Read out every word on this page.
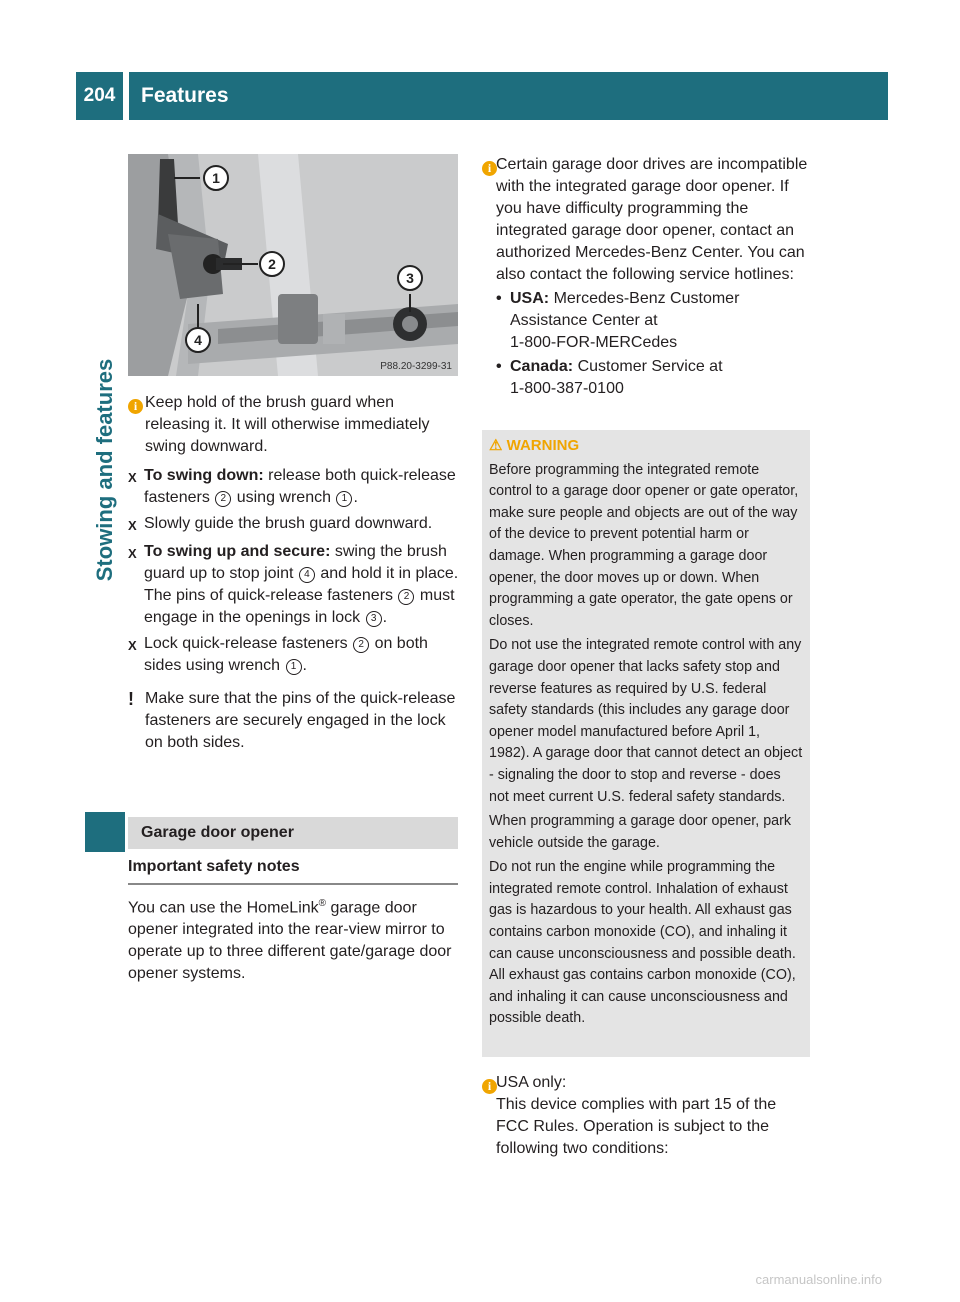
204	Features
Stowing and features
1
2
3
4
P88.20-3299-31
i Keep hold of the brush guard when releasing it. It will otherwise immediately swing downward.

X To swing down: release both quick-release fasteners 2 using wrench 1 .

X Slowly guide the brush guard downward.

X To swing up and secure: swing the brush guard up to stop joint 4 and hold it in place.
The pins of quick-release fasteners 2 must engage in the openings in lock 3 .

X Lock quick-release fasteners 2 on both sides using wrench 1 .

! Make sure that the pins of the quick-release fasteners are securely engaged in the lock on both sides.

Garage door opener
Important safety notes

You can use the HomeLink® garage door opener integrated into the rear-view mirror to operate up to three different gate/garage door opener systems.

i Certain garage door drives are incompatible with the integrated garage door opener. If you have difficulty programming the integrated garage door opener, contact an authorized Mercedes-Benz Center. You can also contact the following service hotlines:

• USA: Mercedes-Benz Customer Assistance Center at
1-800-FOR-MERCedes

• Canada: Customer Service at
1-800-387-0100

⚠ WARNING

Before programming the integrated remote control to a garage door opener or gate operator, make sure people and objects are out of the way of the device to prevent potential harm or damage. When programming a garage door opener, the door moves up or down. When programming a gate operator, the gate opens or closes.

Do not use the integrated remote control with any garage door opener that lacks safety stop and reverse features as required by U.S. federal safety standards (this includes any garage door opener model manufactured before April 1, 1982). A garage door that cannot detect an object - signaling the door to stop and reverse - does not meet current U.S. federal safety standards.

When programming a garage door opener, park vehicle outside the garage.

Do not run the engine while programming the integrated remote control. Inhalation of exhaust gas is hazardous to your health. All exhaust gas contains carbon monoxide (CO), and inhaling it can cause unconsciousness and possible death. All exhaust gas contains carbon monoxide (CO), and inhaling it can cause unconsciousness and possible death.

i USA only:

This device complies with part 15 of the FCC Rules. Operation is subject to the following two conditions:

carmanualsonline.info
